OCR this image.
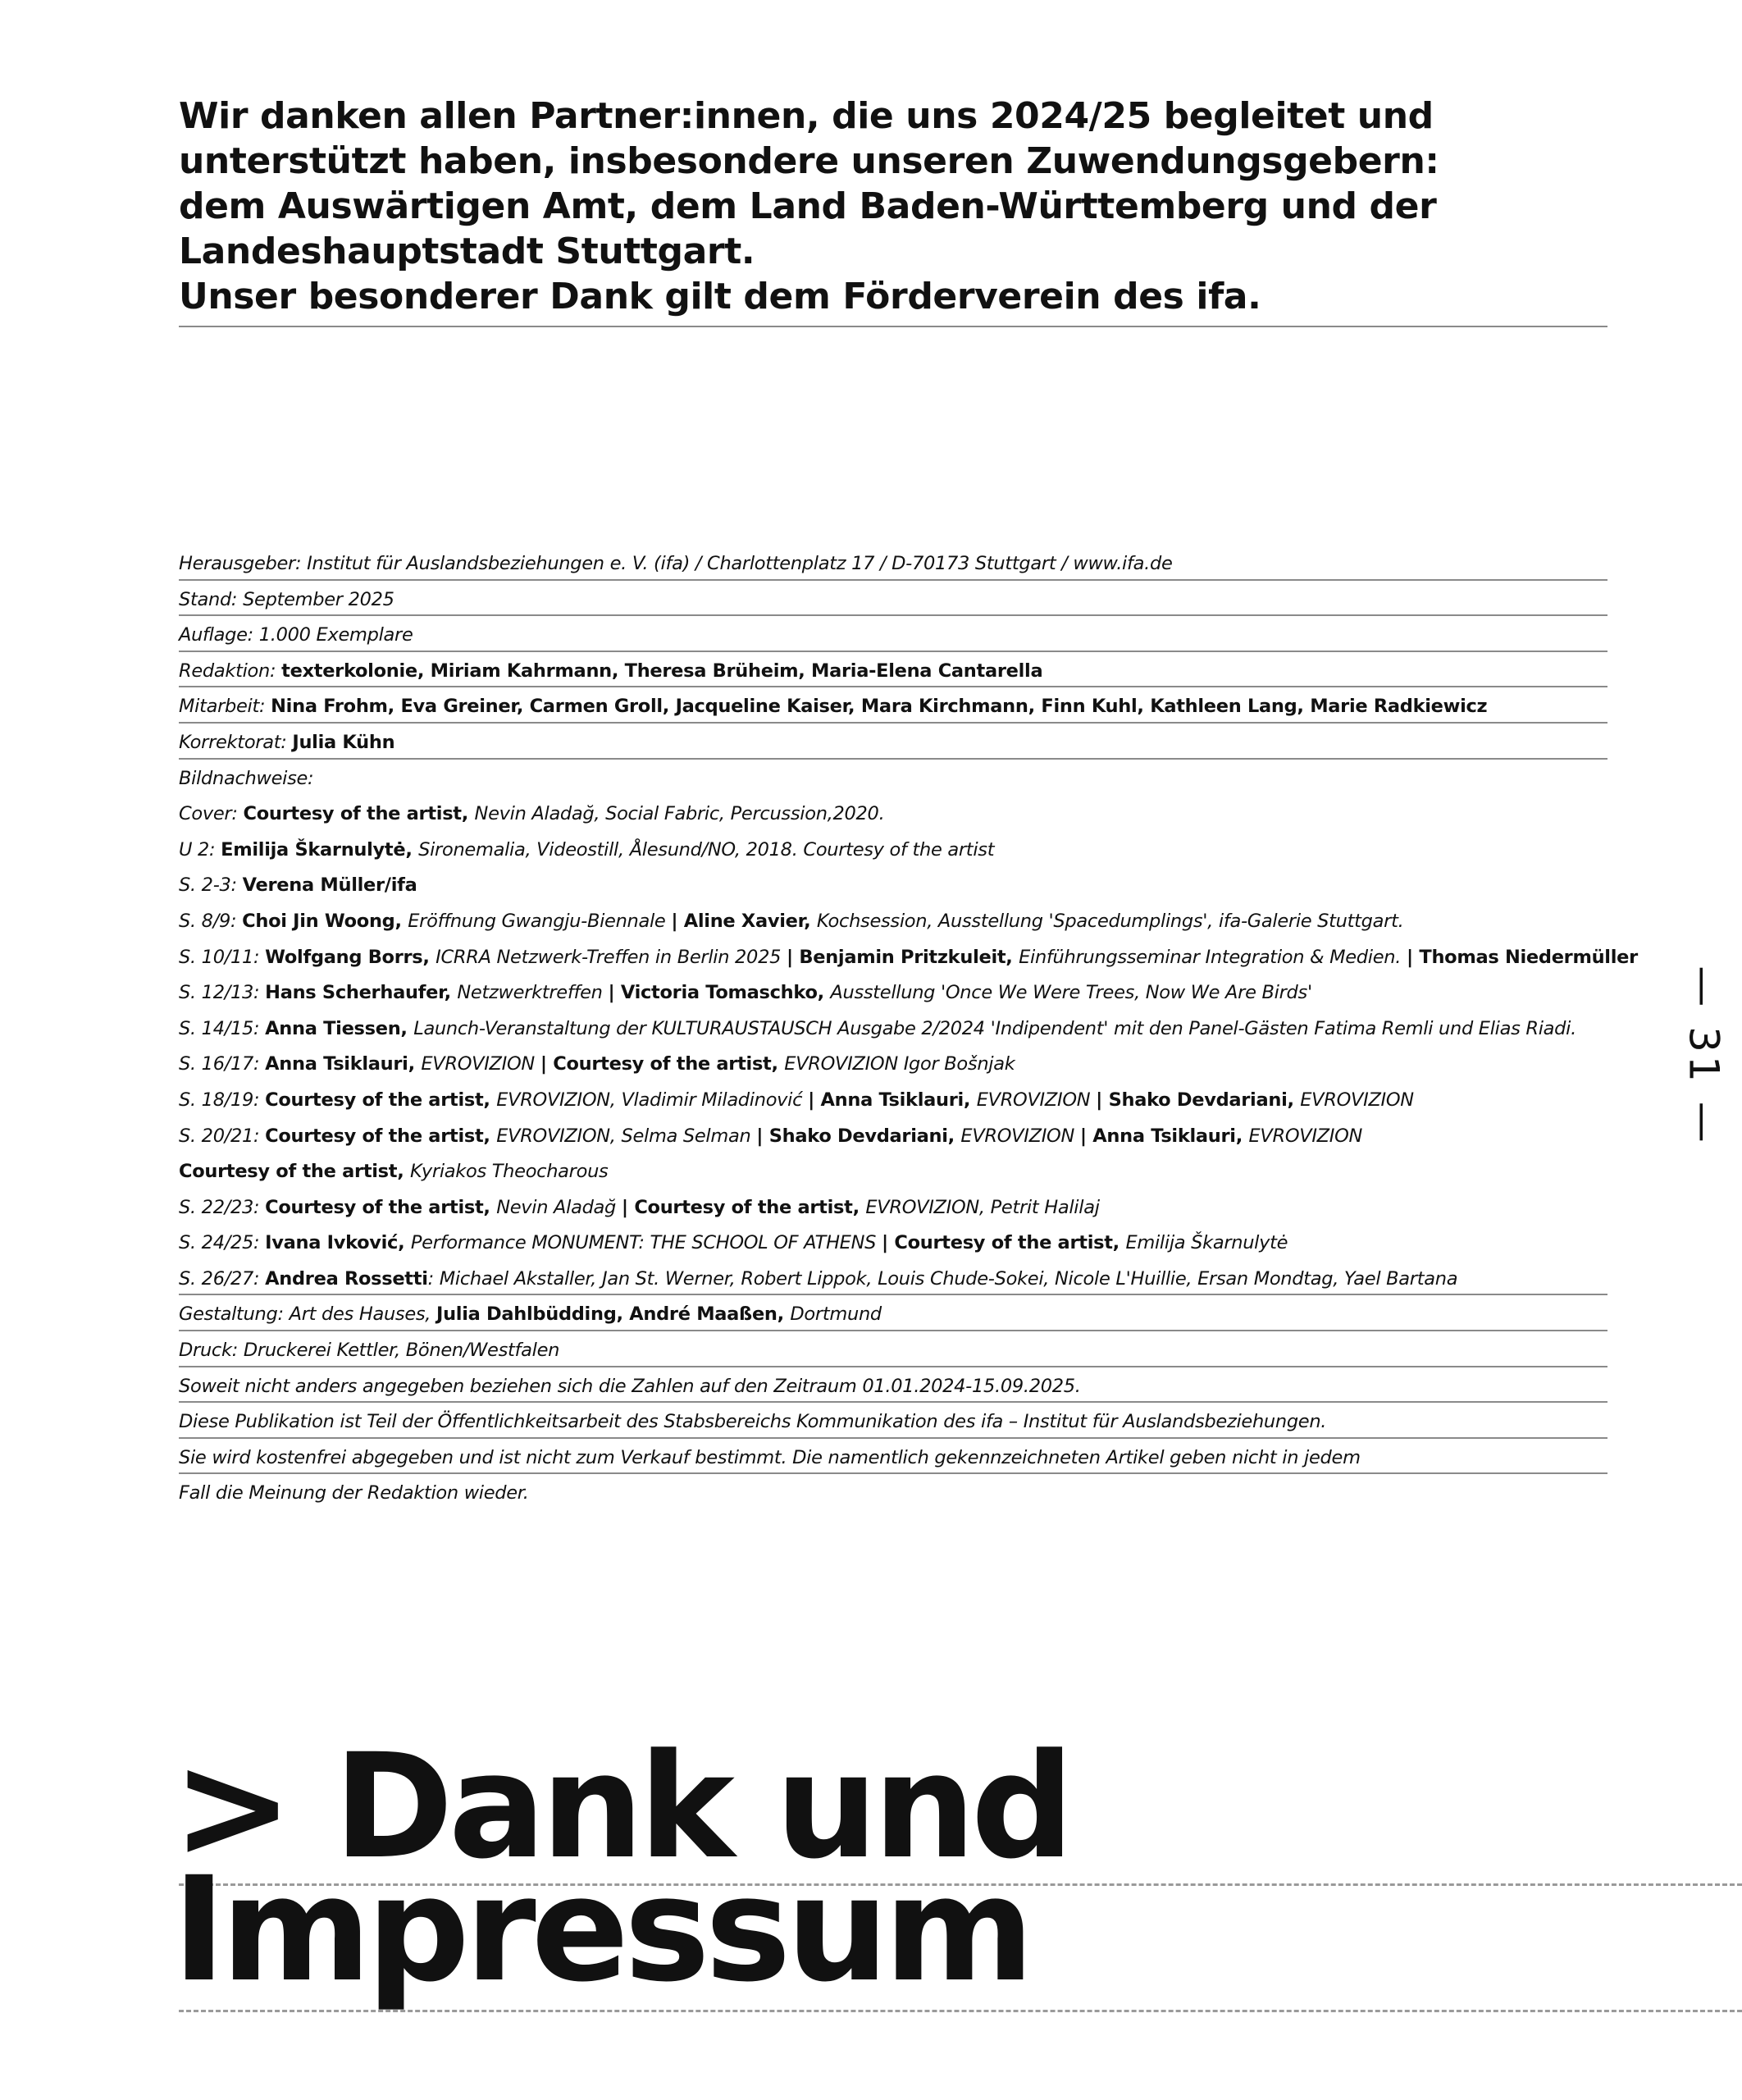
Wir danken allen Partner:innen, die uns 2024/25 begleitet und
unterstützt haben, insbesondere unseren Zuwendungsgebern:
dem Auswärtigen Amt, dem Land Baden-Württemberg und der
Landeshauptstadt Stuttgart.
Unser besonderer Dank gilt dem Förderverein des ifa.
Herausgeber: Institut für Auslandsbeziehungen e. V. (ifa) / Charlottenplatz 17 / D-70173 Stuttgart / www.ifa.de
Stand: September 2025
Auflage: 1.000 Exemplare
Redaktion: texterkolonie, Miriam Kahrmann, Theresa Brüheim, Maria-Elena Cantarella
Mitarbeit: Nina Frohm, Eva Greiner, Carmen Groll, Jacqueline Kaiser, Mara Kirchmann, Finn Kuhl, Kathleen Lang, Marie Radkiewicz
Korrektorat: Julia Kühn
Bildnachweise:
Cover: Courtesy of the artist, Nevin Aladağ, Social Fabric, Percussion,2020.
U 2: Emilija Škarnulytė, Sironemalia, Videostill, Ålesund/NO, 2018. Courtesy of the artist
S. 2-3: Verena Müller/ifa
S. 8/9: Choi Jin Woong, Eröffnung Gwangju-Biennale | Aline Xavier, Kochsession, Ausstellung 'Spacedumplings', ifa-Galerie Stuttgart.
S. 10/11: Wolfgang Borrs, ICRRA Netzwerk-Treffen in Berlin 2025 | Benjamin Pritzkuleit, Einführungsseminar Integration & Medien. | Thomas Niedermüller
S. 12/13: Hans Scherhaufer, Netzwerktreffen | Victoria Tomaschko, Ausstellung 'Once We Were Trees, Now We Are Birds'
S. 14/15: Anna Tiessen, Launch-Veranstaltung der KULTURAUSTAUSCH Ausgabe 2/2024 'Indipendent' mit den Panel-Gästen Fatima Remli und Elias Riadi.
S. 16/17: Anna Tsiklauri, EVROVIZION | Courtesy of the artist, EVROVIZION Igor Bošnjak
S. 18/19: Courtesy of the artist, EVROVIZION, Vladimir Miladinović | Anna Tsiklauri, EVROVIZION | Shako Devdariani, EVROVIZION
S. 20/21: Courtesy of the artist, EVROVIZION, Selma Selman | Shako Devdariani, EVROVIZION | Anna Tsiklauri, EVROVIZION
Courtesy of the artist, Kyriakos Theocharous
S. 22/23: Courtesy of the artist, Nevin Aladağ | Courtesy of the artist, EVROVIZION, Petrit Halilaj
S. 24/25: Ivana Ivković, Performance MONUMENT: THE SCHOOL OF ATHENS | Courtesy of the artist, Emilija Škarnulytė
S. 26/27: Andrea Rossetti: Michael Akstaller, Jan St. Werner, Robert Lippok, Louis Chude-Sokei, Nicole L'Huillie, Ersan Mondtag, Yael Bartana
Gestaltung: Art des Hauses, Julia Dahlbüdding, André Maaßen, Dortmund
Druck: Druckerei Kettler, Bönen/Westfalen
Soweit nicht anders angegeben beziehen sich die Zahlen auf den Zeitraum 01.01.2024-15.09.2025.
Diese Publikation ist Teil der Öffentlichkeitsarbeit des Stabsbereichs Kommunikation des ifa – Institut für Auslandsbeziehungen.
Sie wird kostenfrei abgegeben und ist nicht zum Verkauf bestimmt. Die namentlich gekennzeichneten Artikel geben nicht in jedem
Fall die Meinung der Redaktion wieder.
— 31 —
> Dank und
Impressum
